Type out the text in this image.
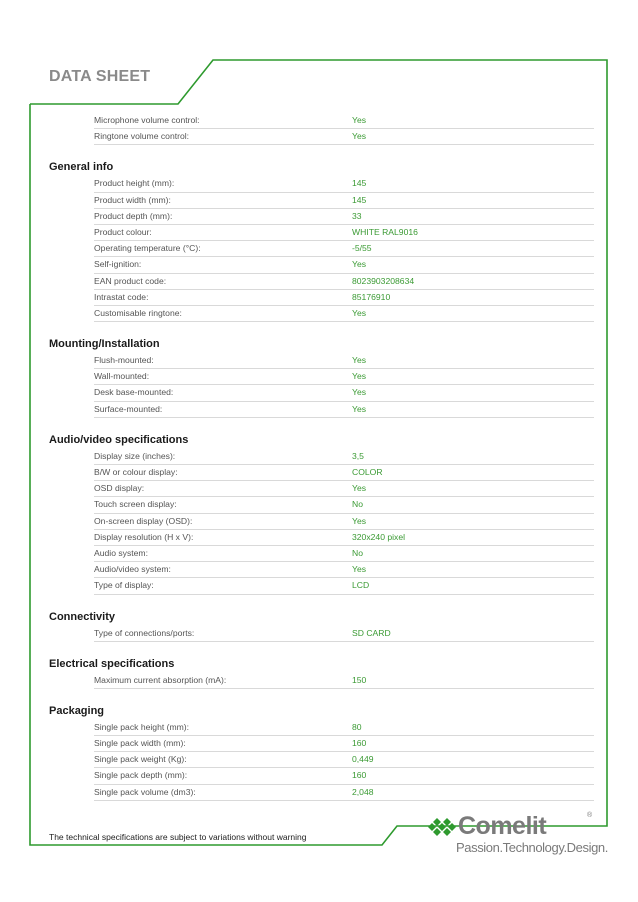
DATA SHEET
Microphone volume control:	Yes
Ringtone volume control:	Yes
General info
Product height (mm):	145
Product width (mm):	145
Product depth (mm):	33
Product colour:	WHITE RAL9016
Operating temperature (°C):	-5/55
Self-ignition:	Yes
EAN product code:	8023903208634
Intrastat code:	85176910
Customisable ringtone:	Yes
Mounting/Installation
Flush-mounted:	Yes
Wall-mounted:	Yes
Desk base-mounted:	Yes
Surface-mounted:	Yes
Audio/video specifications
Display size (inches):	3,5
B/W or colour display:	COLOR
OSD display:	Yes
Touch screen display:	No
On-screen display (OSD):	Yes
Display resolution (H x V):	320x240 pixel
Audio system:	No
Audio/video system:	Yes
Type of display:	LCD
Connectivity
Type of connections/ports:	SD CARD
Electrical specifications
Maximum current absorption (mA):	150
Packaging
Single pack height (mm):	80
Single pack width (mm):	160
Single pack weight (Kg):	0,449
Single pack depth (mm):	160
Single pack volume (dm3):	2,048
The technical specifications are subject to variations without warning	Comelit	®
Passion.Technology.Design.
